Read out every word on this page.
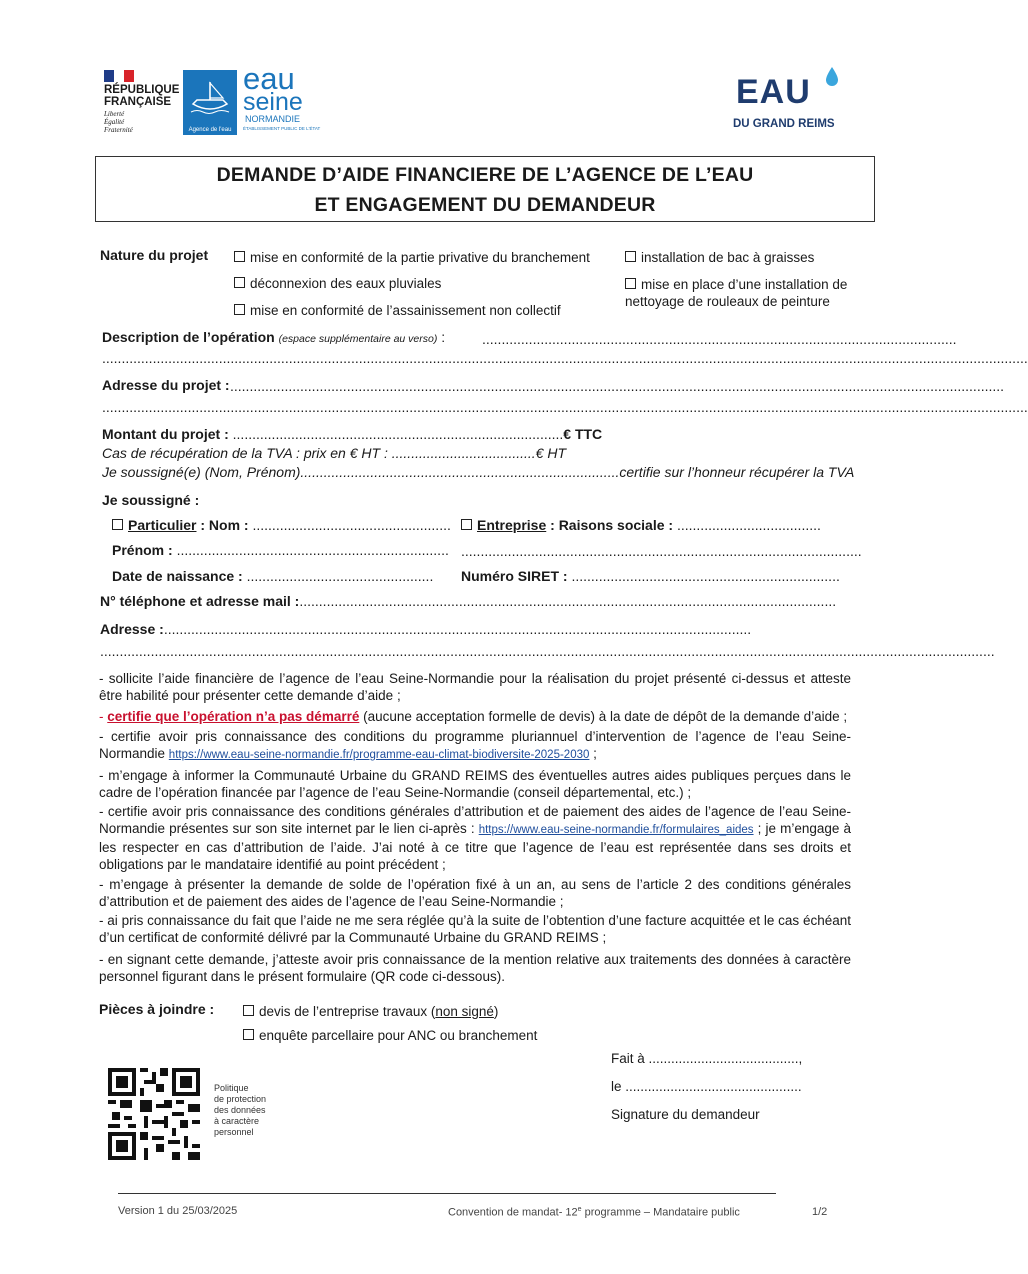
RÉPUBLIQUE
FRANÇAISE
Liberté
Égalité
Fraternité	Agence de l'eau
eau
seine
NORMANDIE
ÉTABLISSEMENT PUBLIC DE L'ÉTAT
EAU
DU GRAND REIMS
DEMANDE D’AIDE FINANCIERE DE L’AGENCE DE L’EAU
ET ENGAGEMENT DU DEMANDEUR
Nature du projet	mise en conformité de la partie privative du branchement
déconnexion des eaux pluviales
mise en conformité de l’assainissement non collectif
installation de bac à graisses
mise en place d’une installation de
nettoyage de rouleaux de peinture
Description de l’opération (espace supplémentaire au verso) :	..........................................................................................................................
..............................................................................................................................................................................................................................................
Adresse du projet : .......................................................................................................................................................................................................
..............................................................................................................................................................................................................................................
Montant du projet : .....................................................................................€ TTC
Cas de récupération de la TVA : prix en € HT : .....................................€ HT
Je soussigné(e) (Nom, Prénom)..................................................................................certifie sur l’honneur récupérer la TVA
Je soussigné :
Particulier : Nom : ...................................................	Entreprise : Raisons sociale : .....................................
Prénom : ...................................................................... .......................................................................................................
Date de naissance : ................................................ Numéro SIRET : .....................................................................
N° téléphone et adresse mail :..........................................................................................................................................
Adresse :.......................................................................................................................................................
......................................................................................................................................................................................................................................
- sollicite l’aide financière de l’agence de l’eau Seine-Normandie pour la réalisation du projet présenté ci-dessus et atteste être habilité pour présenter cette demande d’aide ;
- certifie que l’opération n’a pas démarré (aucune acceptation formelle de devis) à la date de dépôt de la demande d’aide ;
- certifie avoir pris connaissance des conditions du programme pluriannuel d’intervention de l’agence de l’eau Seine-Normandie https://www.eau-seine-normandie.fr/programme-eau-climat-biodiversite-2025-2030 ;
- m’engage à informer la Communauté Urbaine du GRAND REIMS des éventuelles autres aides publiques perçues dans le cadre de l’opération financée par l’agence de l’eau Seine-Normandie (conseil départemental, etc.) ;
- certifie avoir pris connaissance des conditions générales d’attribution et de paiement des aides de l’agence de l’eau Seine-Normandie présentes sur son site internet par le lien ci-après : https://www.eau-seine-normandie.fr/formulaires_aides ; je m’engage à les respecter en cas d’attribution de l’aide. J’ai noté à ce titre que l’agence de l’eau est représentée dans ses droits et obligations par le mandataire identifié au point précédent ;
- m’engage à présenter la demande de solde de l’opération fixé à un an, au sens de l’article 2 des conditions générales d’attribution et de paiement des aides de l’agence de l’eau Seine-Normandie ;
- ai pris connaissance du fait que l’aide ne me sera réglée qu’à la suite de l’obtention d’une facture acquittée et le cas échéant d’un certificat de conformité délivré par la Communauté Urbaine du GRAND REIMS ;
- en signant cette demande, j’atteste avoir pris connaissance de la mention relative aux traitements des données à caractère personnel figurant dans le présent formulaire (QR code ci-dessous).
Pièces à joindre :	devis de l’entreprise travaux (non signé)
enquête parcellaire pour ANC ou branchement
Fait à ........................................,
le ...............................................
Signature du demandeur
Politique
de protection
des données
à caractère
personnel
Version 1 du 25/03/2025	Convention de mandat- 12e programme – Mandataire public	1/2
